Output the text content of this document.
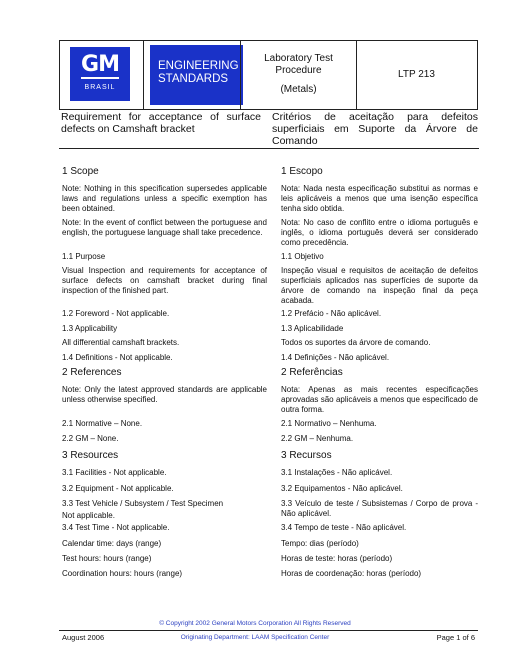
GM
BRASIL
ENGINEERING
STANDARDS
Laboratory Test
Procedure
(Metals)
LTP 213
Requirement for acceptance of surface defects on Camshaft bracket
Critérios de aceitação para defeitos superficiais em Suporte da Árvore de Comando

1 Scope

Note: Nothing in this specification supersedes applicable laws and regulations unless a specific exemption has been obtained.

Note: In the event of conflict between the portuguese and english, the portuguese language shall take precedence.

1.1 Purpose

Visual Inspection and requirements for acceptance of surface defects on camshaft bracket during final inspection of the finished part.

1.2 Foreword - Not applicable.

1.3 Applicability

All differential camshaft brackets.

1.4 Definitions - Not applicable.

2 References

Note: Only the latest approved standards are applicable unless otherwise specified.

2.1 Normative – None.

2.2 GM – None.

3 Resources

3.1 Facilities - Not applicable.

3.2 Equipment - Not applicable.

3.3 Test Vehicle / Subsystem / Test Specimen

Not applicable.

3.4 Test Time - Not applicable.

Calendar time: days (range)

Test hours: hours (range)

Coordination hours: hours (range)

1 Escopo

Nota: Nada nesta especificação substitui as normas e leis aplicáveis a menos que uma isenção específica tenha sido obtida.

Nota: No caso de conflito entre o idioma português e inglês, o idioma português deverá ser considerado como precedência.

1.1 Objetivo

Inspeção visual e requisitos de aceitação de defeitos superficiais aplicados nas superfícies de suporte da árvore de comando na inspeção final da peça acabada.

1.2 Prefácio - Não aplicável.

1.3 Aplicabilidade

Todos os suportes da árvore de comando.

1.4 Definições - Não aplicável.

2 Referências

Nota: Apenas as mais recentes especificações aprovadas são aplicáveis a menos que especificado de outra forma.

2.1 Normativo – Nenhuma.

2.2 GM – Nenhuma.

3 Recursos

3.1 Instalações - Não aplicável.

3.2 Equipamentos - Não aplicável.

3.3 Veículo de teste / Subsistemas / Corpo de prova - Não aplicável.

3.4 Tempo de teste - Não aplicável.

Tempo: dias (período)

Horas de teste: horas (período)

Horas de coordenação: horas (período)

© Copyright 2002 General Motors Corporation All Rights Reserved
August 2006	Originating Department: LAAM Specification Center	Page 1 of 6
